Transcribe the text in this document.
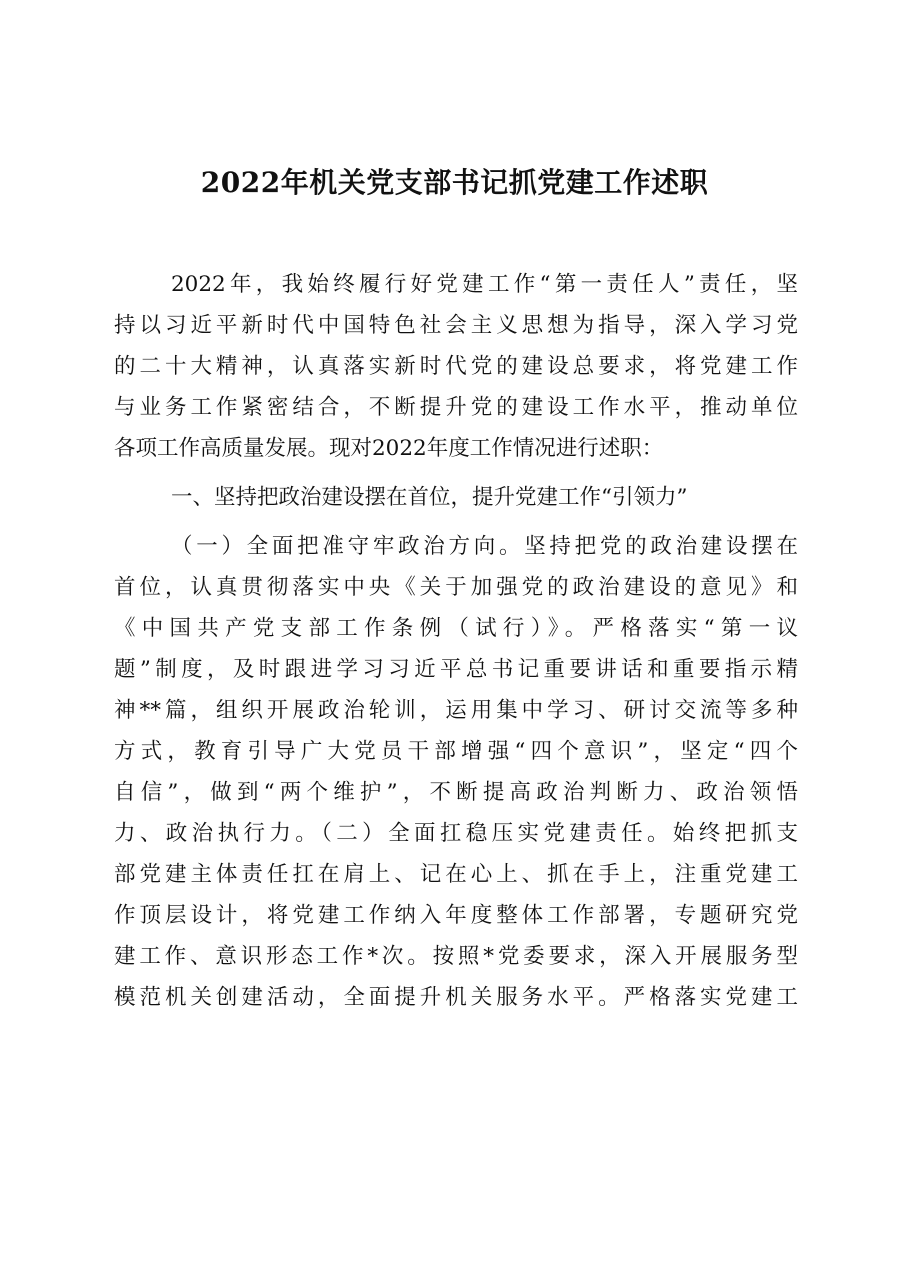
2022年机关党支部书记抓党建工作述职
2022年，我始终履行好党建工作“第一责任人”责任，坚
持以习近平新时代中国特色社会主义思想为指导，深入学习党
的二十大精神，认真落实新时代党的建设总要求，将党建工作
与业务工作紧密结合，不断提升党的建设工作水平，推动单位
各项工作高质量发展。现对2022年度工作情况进行述职：
一、坚持把政治建设摆在首位，提升党建工作“引领力”
（一）全面把准守牢政治方向。坚持把党的政治建设摆在
首位，认真贯彻落实中央《关于加强党的政治建设的意见》和
《中国共产党支部工作条例（试行）》。严格落实“第一议
题”制度，及时跟进学习习近平总书记重要讲话和重要指示精
神**篇，组织开展政治轮训，运用集中学习、研讨交流等多种
方式，教育引导广大党员干部增强“四个意识”，坚定“四个
自信”，做到“两个维护”，不断提高政治判断力、政治领悟
力、政治执行力。（二）全面扛稳压实党建责任。始终把抓支
部党建主体责任扛在肩上、记在心上、抓在手上，注重党建工
作顶层设计，将党建工作纳入年度整体工作部署，专题研究党
建工作、意识形态工作*次。按照*党委要求，深入开展服务型
模范机关创建活动，全面提升机关服务水平。严格落实党建工
